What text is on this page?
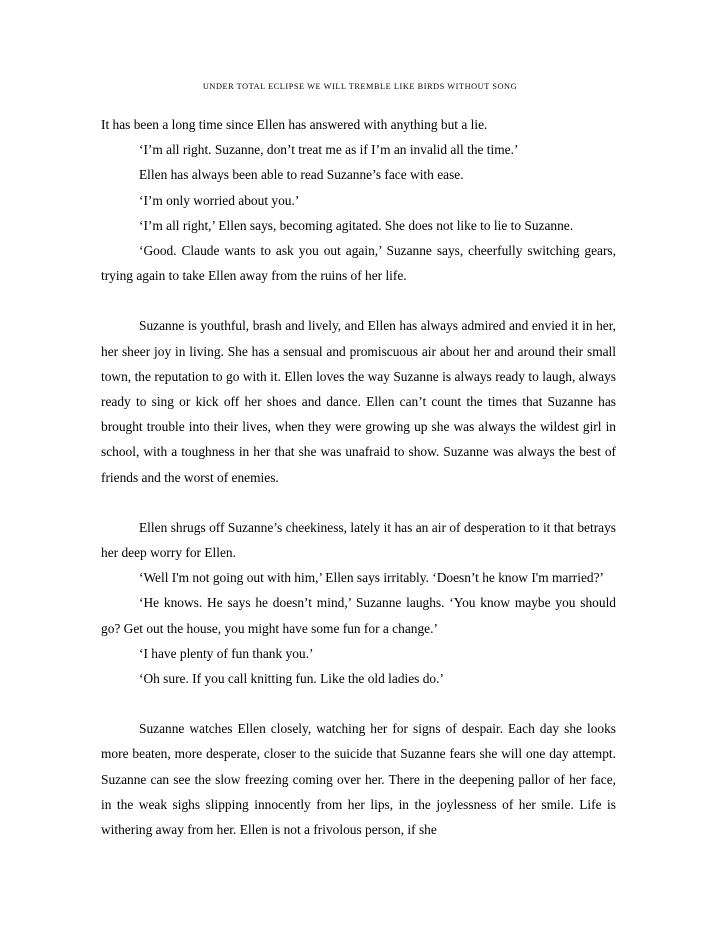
UNDER TOTAL ECLIPSE WE WILL TREMBLE LIKE BIRDS WITHOUT SONG

It has been a long time since Ellen has answered with anything but a lie.

‘I’m all right. Suzanne, don’t treat me as if I’m an invalid all the time.’

Ellen has always been able to read Suzanne’s face with ease.

‘I’m only worried about you.’

‘I’m all right,’ Ellen says, becoming agitated. She does not like to lie to Suzanne.

‘Good. Claude wants to ask you out again,’ Suzanne says, cheerfully switching gears, trying again to take Ellen away from the ruins of her life.

Suzanne is youthful, brash and lively, and Ellen has always admired and envied it in her, her sheer joy in living. She has a sensual and promiscuous air about her and around their small town, the reputation to go with it. Ellen loves the way Suzanne is always ready to laugh, always ready to sing or kick off her shoes and dance. Ellen can’t count the times that Suzanne has brought trouble into their lives, when they were growing up she was always the wildest girl in school, with a toughness in her that she was unafraid to show. Suzanne was always the best of friends and the worst of enemies.

Ellen shrugs off Suzanne’s cheekiness, lately it has an air of desperation to it that betrays her deep worry for Ellen.

‘Well I'm not going out with him,’ Ellen says irritably. ‘Doesn’t he know I'm married?’

‘He knows. He says he doesn’t mind,’ Suzanne laughs. ‘You know maybe you should go? Get out the house, you might have some fun for a change.’

‘I have plenty of fun thank you.’

‘Oh sure. If you call knitting fun. Like the old ladies do.’

Suzanne watches Ellen closely, watching her for signs of despair. Each day she looks more beaten, more desperate, closer to the suicide that Suzanne fears she will one day attempt. Suzanne can see the slow freezing coming over her. There in the deepening pallor of her face, in the weak sighs slipping innocently from her lips, in the joylessness of her smile. Life is withering away from her. Ellen is not a frivolous person, if she
